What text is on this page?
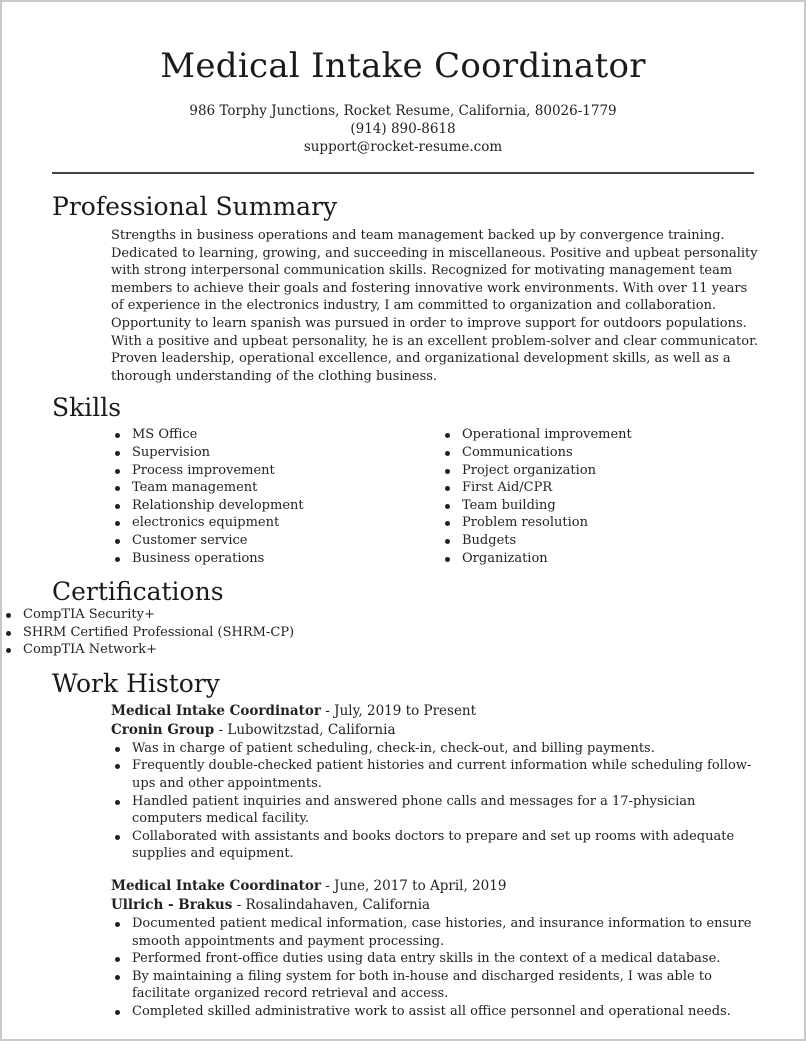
Medical Intake Coordinator
986 Torphy Junctions, Rocket Resume, California, 80026-1779
(914) 890-8618
support@rocket-resume.com
Professional Summary

Strengths in business operations and team management backed up by convergence training. Dedicated to learning, growing, and succeeding in miscellaneous. Positive and upbeat personality with strong interpersonal communication skills. Recognized for motivating management team members to achieve their goals and fostering innovative work environments. With over 11 years of experience in the electronics industry, I am committed to organization and collaboration. Opportunity to learn spanish was pursued in order to improve support for outdoors populations. With a positive and upbeat personality, he is an excellent problem-solver and clear communicator. Proven leadership, operational excellence, and organizational development skills, as well as a thorough understanding of the clothing business.

Skills
MS Office
Supervision
Process improvement
Team management
Relationship development
electronics equipment
Customer service
Business operations
Operational improvement
Communications
Project organization
First Aid/CPR
Team building
Problem resolution
Budgets
Organization
Certifications
CompTIA Security+
SHRM Certified Professional (SHRM-CP)
CompTIA Network+
Work History
Medical Intake Coordinator - July, 2019 to Present
Cronin Group - Lubowitzstad, California
Was in charge of patient scheduling, check-in, check-out, and billing payments.
Frequently double-checked patient histories and current information while scheduling follow-ups and other appointments.
Handled patient inquiries and answered phone calls and messages for a 17-physician computers medical facility.
Collaborated with assistants and books doctors to prepare and set up rooms with adequate supplies and equipment.
Medical Intake Coordinator - June, 2017 to April, 2019
Ullrich - Brakus - Rosalindahaven, California
Documented patient medical information, case histories, and insurance information to ensure smooth appointments and payment processing.
Performed front-office duties using data entry skills in the context of a medical database.
By maintaining a filing system for both in-house and discharged residents, I was able to facilitate organized record retrieval and access.
Completed skilled administrative work to assist all office personnel and operational needs.
